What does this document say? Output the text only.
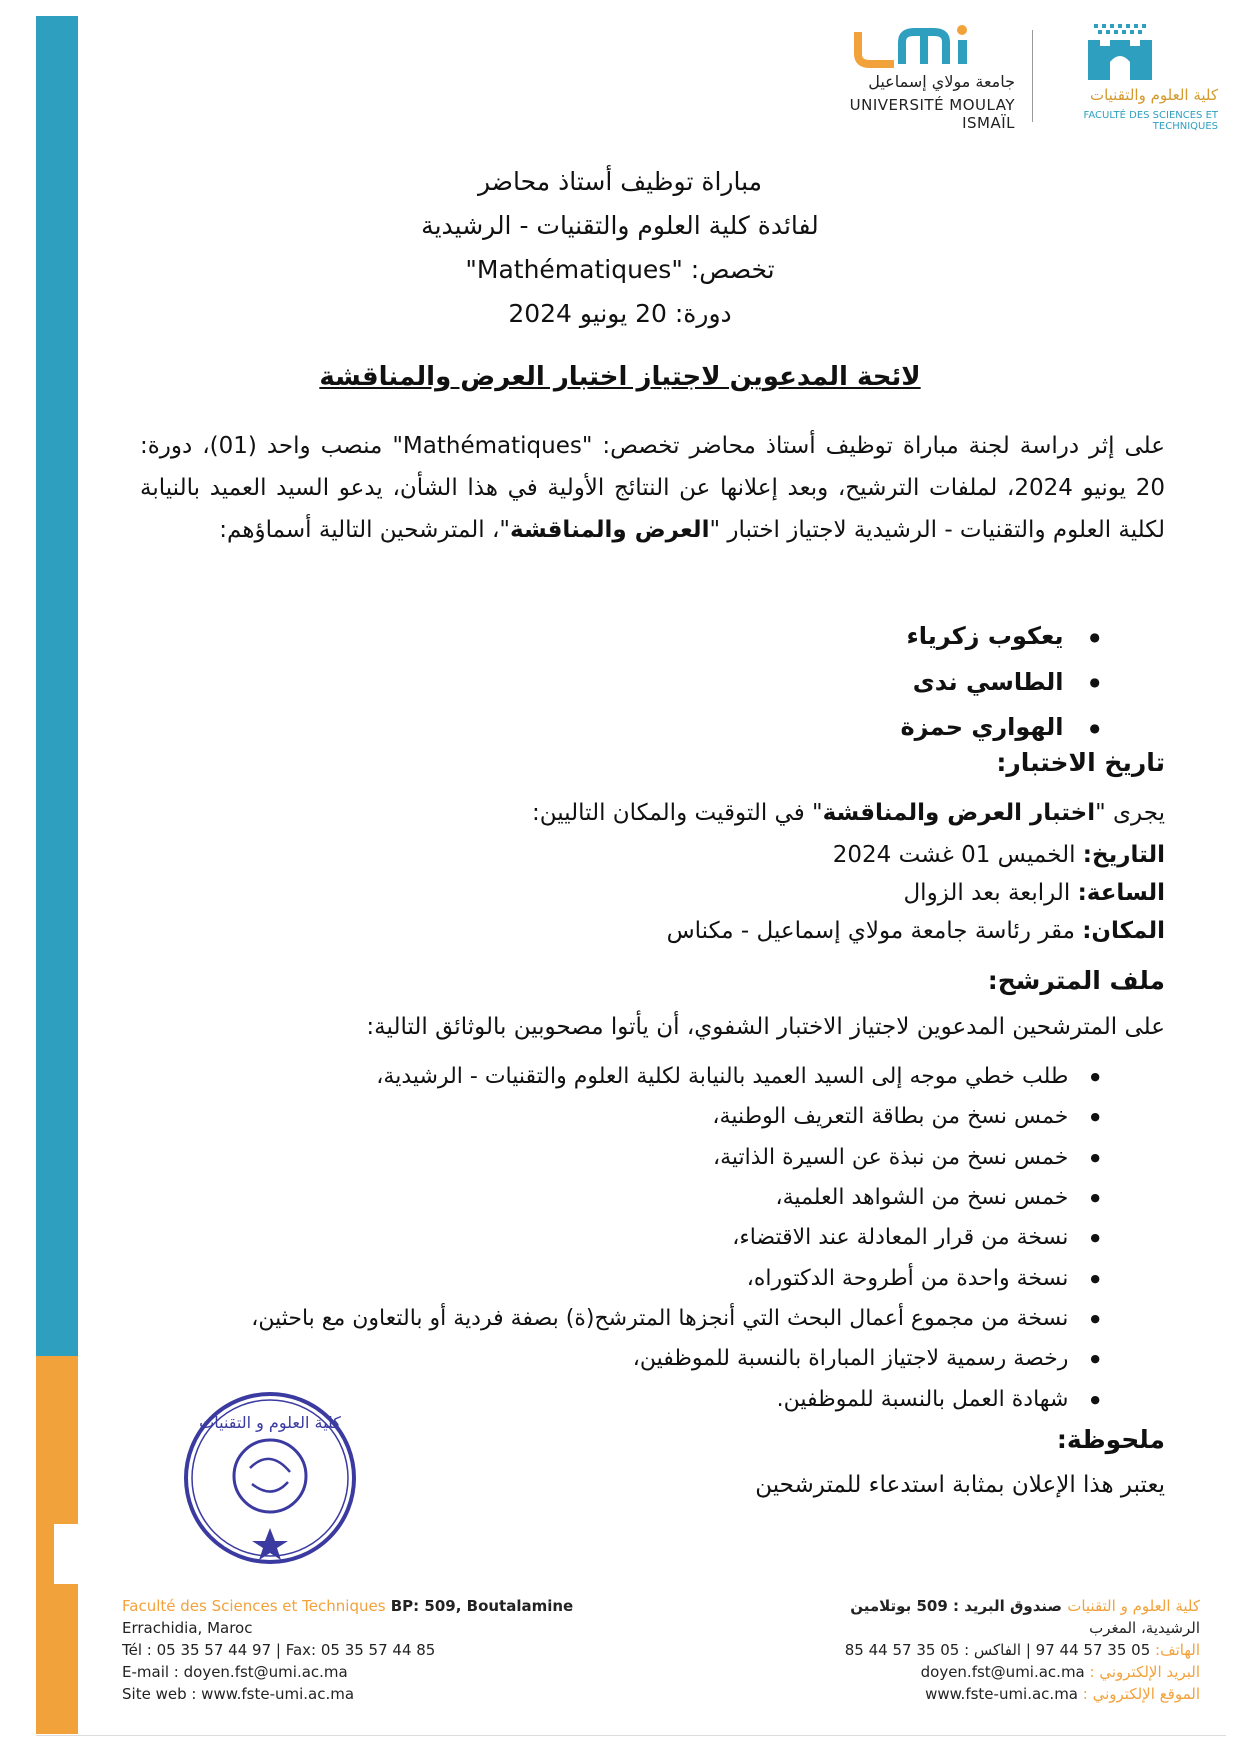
جامعة مولاي إسماعيل
UNIVERSITÉ MOULAY ISMAÏL
كلية العلوم والتقنيات
FACULTÉ DES SCIENCES ET TECHNIQUES
مباراة توظيف أستاذ محاضر
لفائدة كلية العلوم والتقنيات - الرشيدية
تخصص: "Mathématiques"
دورة: 20 يونيو 2024
لائحة المدعوين لاجتياز اختبار العرض والمناقشة
على إثر دراسة لجنة مباراة توظيف أستاذ محاضر تخصص: "Mathématiques" منصب واحد (01)، دورة: 20 يونيو 2024، لملفات الترشيح، وبعد إعلانها عن النتائج الأولية في هذا الشأن، يدعو السيد العميد بالنيابة لكلية العلوم والتقنيات - الرشيدية لاجتياز اختبار "العرض والمناقشة"، المترشحين التالية أسماؤهم:
● يعكوب زكرياء
● الطاسي ندى
● الهواري حمزة
تاريخ الاختبار:
يجرى "اختبار العرض والمناقشة" في التوقيت والمكان التاليين:
التاريخ: الخميس 01 غشت 2024
الساعة: الرابعة بعد الزوال
المكان: مقر رئاسة جامعة مولاي إسماعيل - مكناس
ملف المترشح:
على المترشحين المدعوين لاجتياز الاختبار الشفوي، أن يأتوا مصحوبين بالوثائق التالية:
● طلب خطي موجه إلى السيد العميد بالنيابة لكلية العلوم والتقنيات - الرشيدية،
● خمس نسخ من بطاقة التعريف الوطنية،
● خمس نسخ من نبذة عن السيرة الذاتية،
● خمس نسخ من الشواهد العلمية،
● نسخة من قرار المعادلة عند الاقتضاء،
● نسخة واحدة من أطروحة الدكتوراه،
● نسخة من مجموع أعمال البحث التي أنجزها المترشح(ة) بصفة فردية أو بالتعاون مع باحثين،
● رخصة رسمية لاجتياز المباراة بالنسبة للموظفين،
● شهادة العمل بالنسبة للموظفين.
ملحوظة:
يعتبر هذا الإعلان بمثابة استدعاء للمترشحين
كلية العلوم و التقنيات
Faculté des Sciences et Techniques BP: 509, Boutalamine
Errachidia, Maroc
Tél : 05 35 57 44 97 | Fax: 05 35 57 44 85
E-mail : doyen.fst@umi.ac.ma
Site web : www.fste-umi.ac.ma
كلية العلوم و التقنيات صندوق البريد : 509 بوتلامين
الرشيدية، المغرب
الهاتف: 05 35 57 44 97 | الفاكس : 05 35 57 44 85
البريد الإلكتروني : doyen.fst@umi.ac.ma
الموقع الإلكتروني : www.fste-umi.ac.ma
